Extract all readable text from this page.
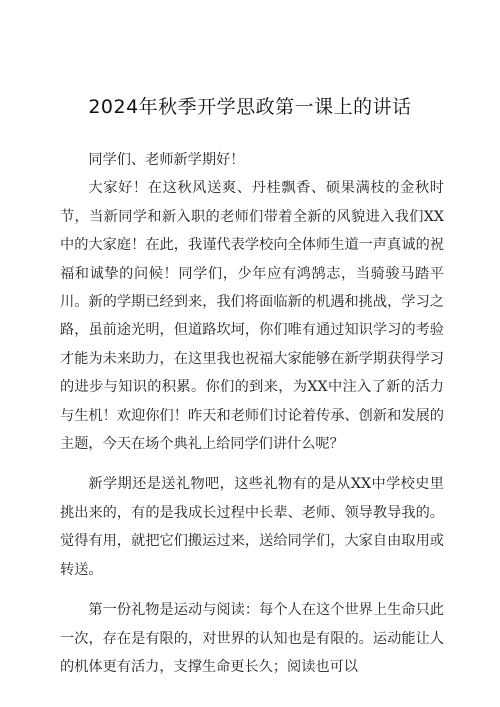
2024年秋季开学思政第一课上的讲话

同学们、老师新学期好！

大家好！在这秋风送爽、丹桂飘香、硕果满枝的金秋时节，当新同学和新入职的老师们带着全新的风貌进入我们XX中的大家庭！在此，我谨代表学校向全体师生道一声真诚的祝福和诚挚的问候！同学们，少年应有鸿鹄志，当骑骏马踏平川。新的学期已经到来，我们将面临新的机遇和挑战，学习之路，虽前途光明，但道路坎坷，你们唯有通过知识学习的考验才能为未来助力，在这里我也祝福大家能够在新学期获得学习的进步与知识的积累。你们的到来，为XX中注入了新的活力与生机！欢迎你们！昨天和老师们讨论着传承、创新和发展的主题，今天在场个典礼上给同学们讲什么呢？

新学期还是送礼物吧，这些礼物有的是从XX中学校史里挑出来的，有的是我成长过程中长辈、老师、领导教导我的。觉得有用，就把它们搬运过来，送给同学们，大家自由取用或转送。

第一份礼物是运动与阅读：每个人在这个世界上生命只此一次，存在是有限的，对世界的认知也是有限的。运动能让人的机体更有活力，支撑生命更长久；阅读也可以
